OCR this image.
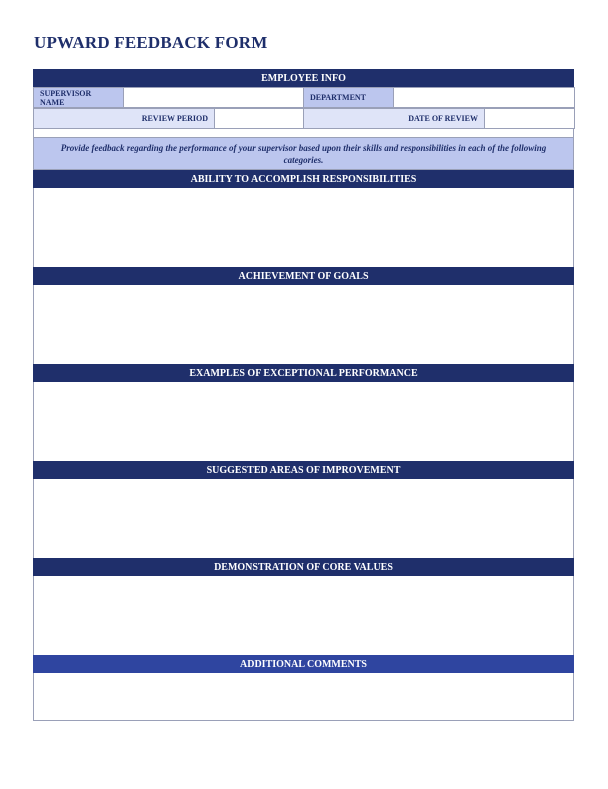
UPWARD FEEDBACK FORM
EMPLOYEE INFO
SUPERVISOR NAME		DEPARTMENT	
REVIEW PERIOD		DATE OF REVIEW	
Provide feedback regarding the performance of your supervisor based upon their skills and responsibilities in each of the following categories.
ABILITY TO ACCOMPLISH RESPONSIBILITIES
ACHIEVEMENT OF GOALS
EXAMPLES OF EXCEPTIONAL PERFORMANCE
SUGGESTED AREAS OF IMPROVEMENT
DEMONSTRATION OF CORE VALUES
ADDITIONAL COMMENTS
